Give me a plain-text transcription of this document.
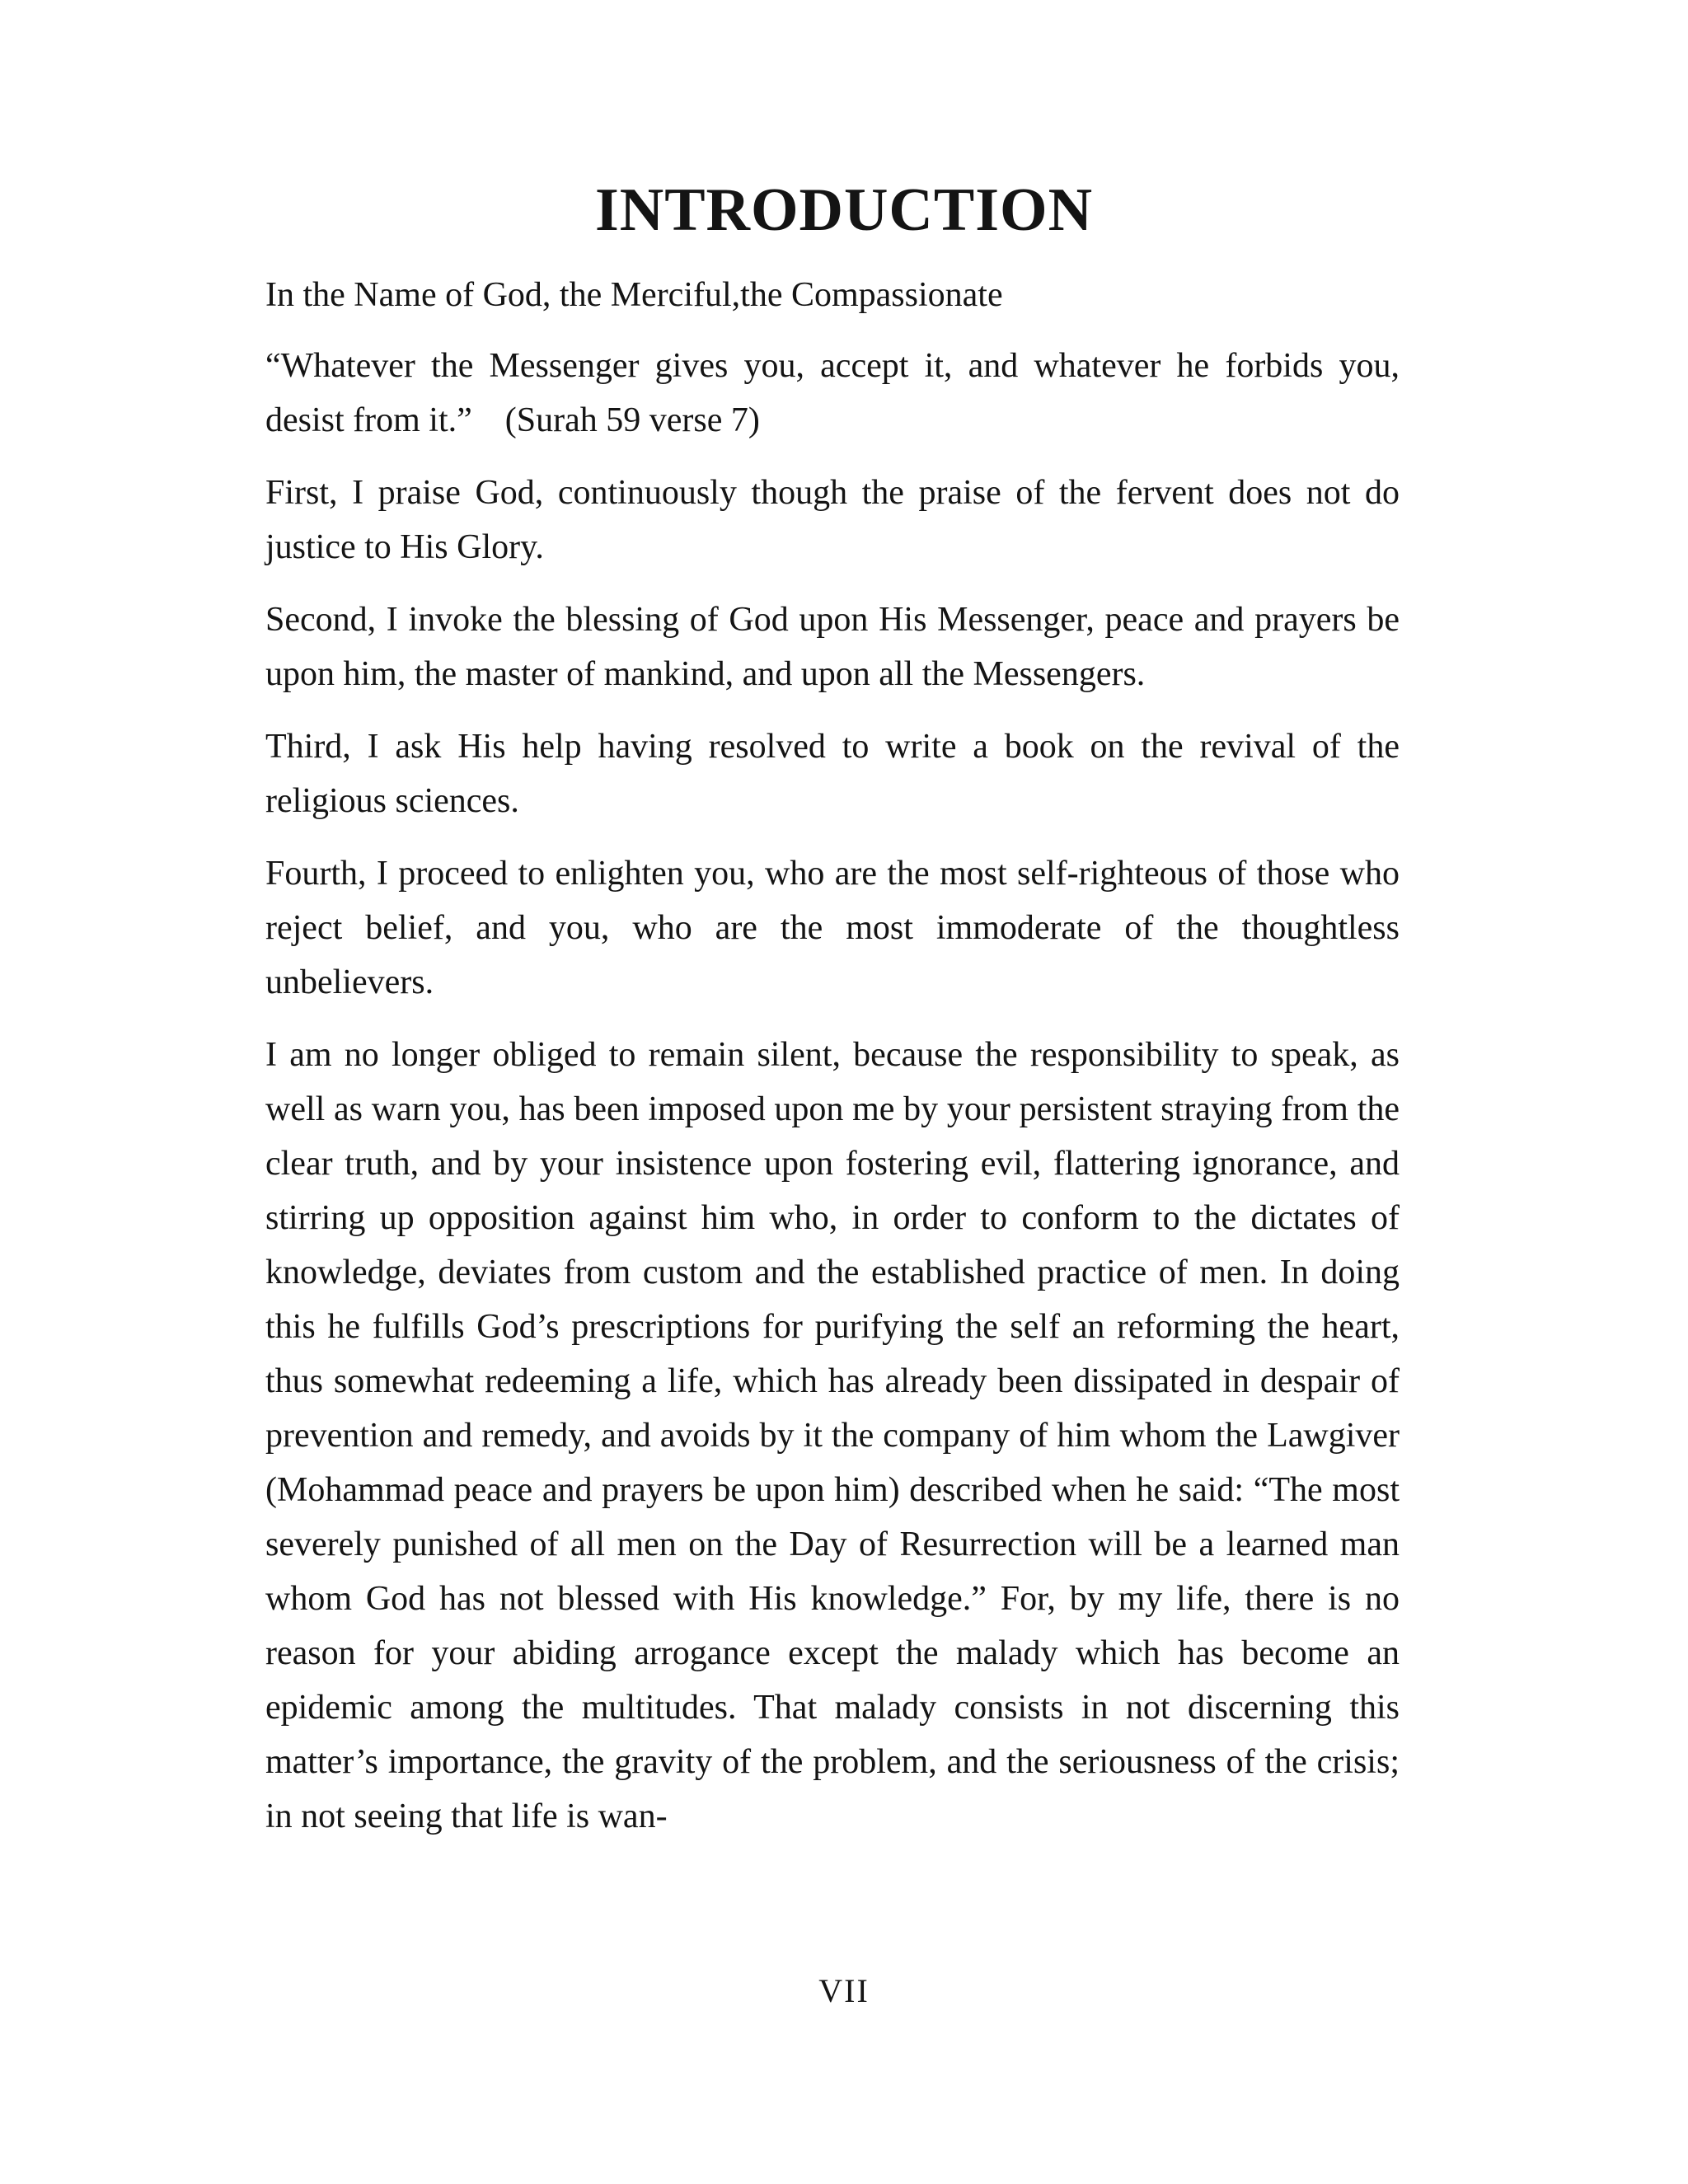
INTRODUCTION

In the Name of God, the Merciful,the Compassionate

“Whatever the Messenger gives you, accept it, and whatever he forbids you, desist from it.” (Surah 59 verse 7)

First, I praise God, continuously though the praise of the fervent does not do justice to His Glory.

Second, I invoke the blessing of God upon His Messenger, peace and prayers be upon him, the master of mankind, and upon all the Messengers.

Third, I ask His help having resolved to write a book on the revival of the religious sciences.

Fourth, I proceed to enlighten you, who are the most self-righteous of those who reject belief, and you, who are the most immoderate of the thoughtless unbelievers.

I am no longer obliged to remain silent, because the responsibility to speak, as well as warn you, has been imposed upon me by your persistent straying from the clear truth, and by your insistence upon fostering evil, flattering ignorance, and stirring up opposition against him who, in order to conform to the dictates of knowledge, deviates from custom and the established practice of men. In doing this he fulfills God’s prescriptions for purifying the self an reforming the heart, thus somewhat redeeming a life, which has already been dissipated in despair of prevention and remedy, and avoids by it the company of him whom the Lawgiver (Mohammad peace and prayers be upon him) described when he said: “The most severely punished of all men on the Day of Resurrection will be a learned man whom God has not blessed with His knowledge.” For, by my life, there is no reason for your abiding arrogance except the malady which has become an epidemic among the multitudes. That malady consists in not discerning this matter’s importance, the gravity of the problem, and the seriousness of the crisis; in not seeing that life is wan-

VII
